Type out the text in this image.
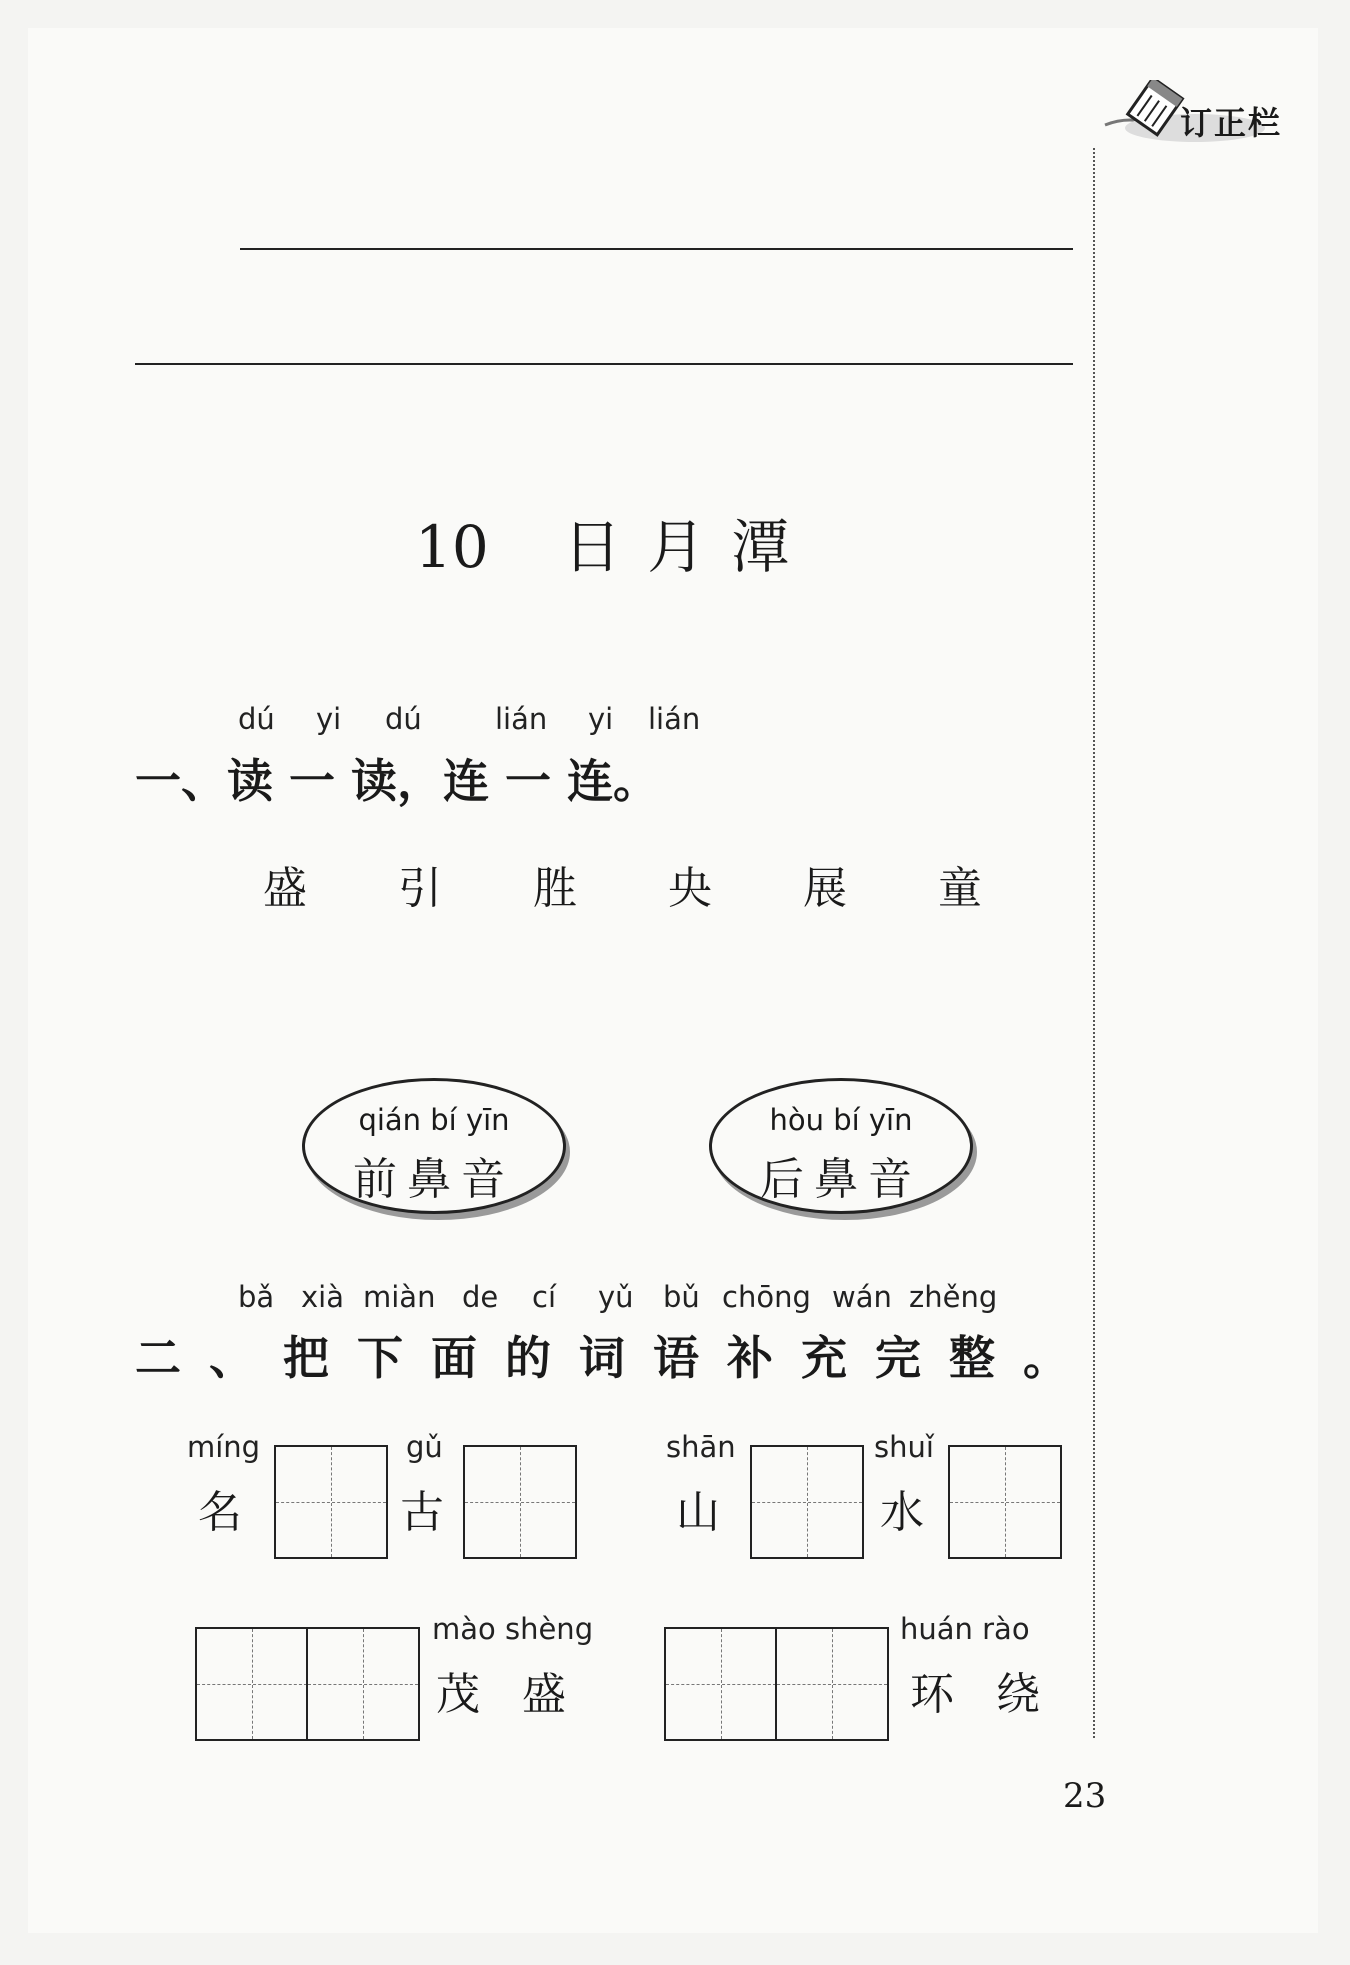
订正栏
10 日月潭
dú yi dú	lián yi lián
一、读 一 读，连 一 连。
盛 引 胜 央 展 童
qián bí yīn
前鼻音
hòu bí yīn
后鼻音
bǎ xià miàn de cí yǔ bǔ chōng wán zhěng
二、把下面的词语补充完整。
míng
名
gǔ
古
shān
山
shuǐ
水
mào shèng
茂 盛
huán rào
环 绕
23
